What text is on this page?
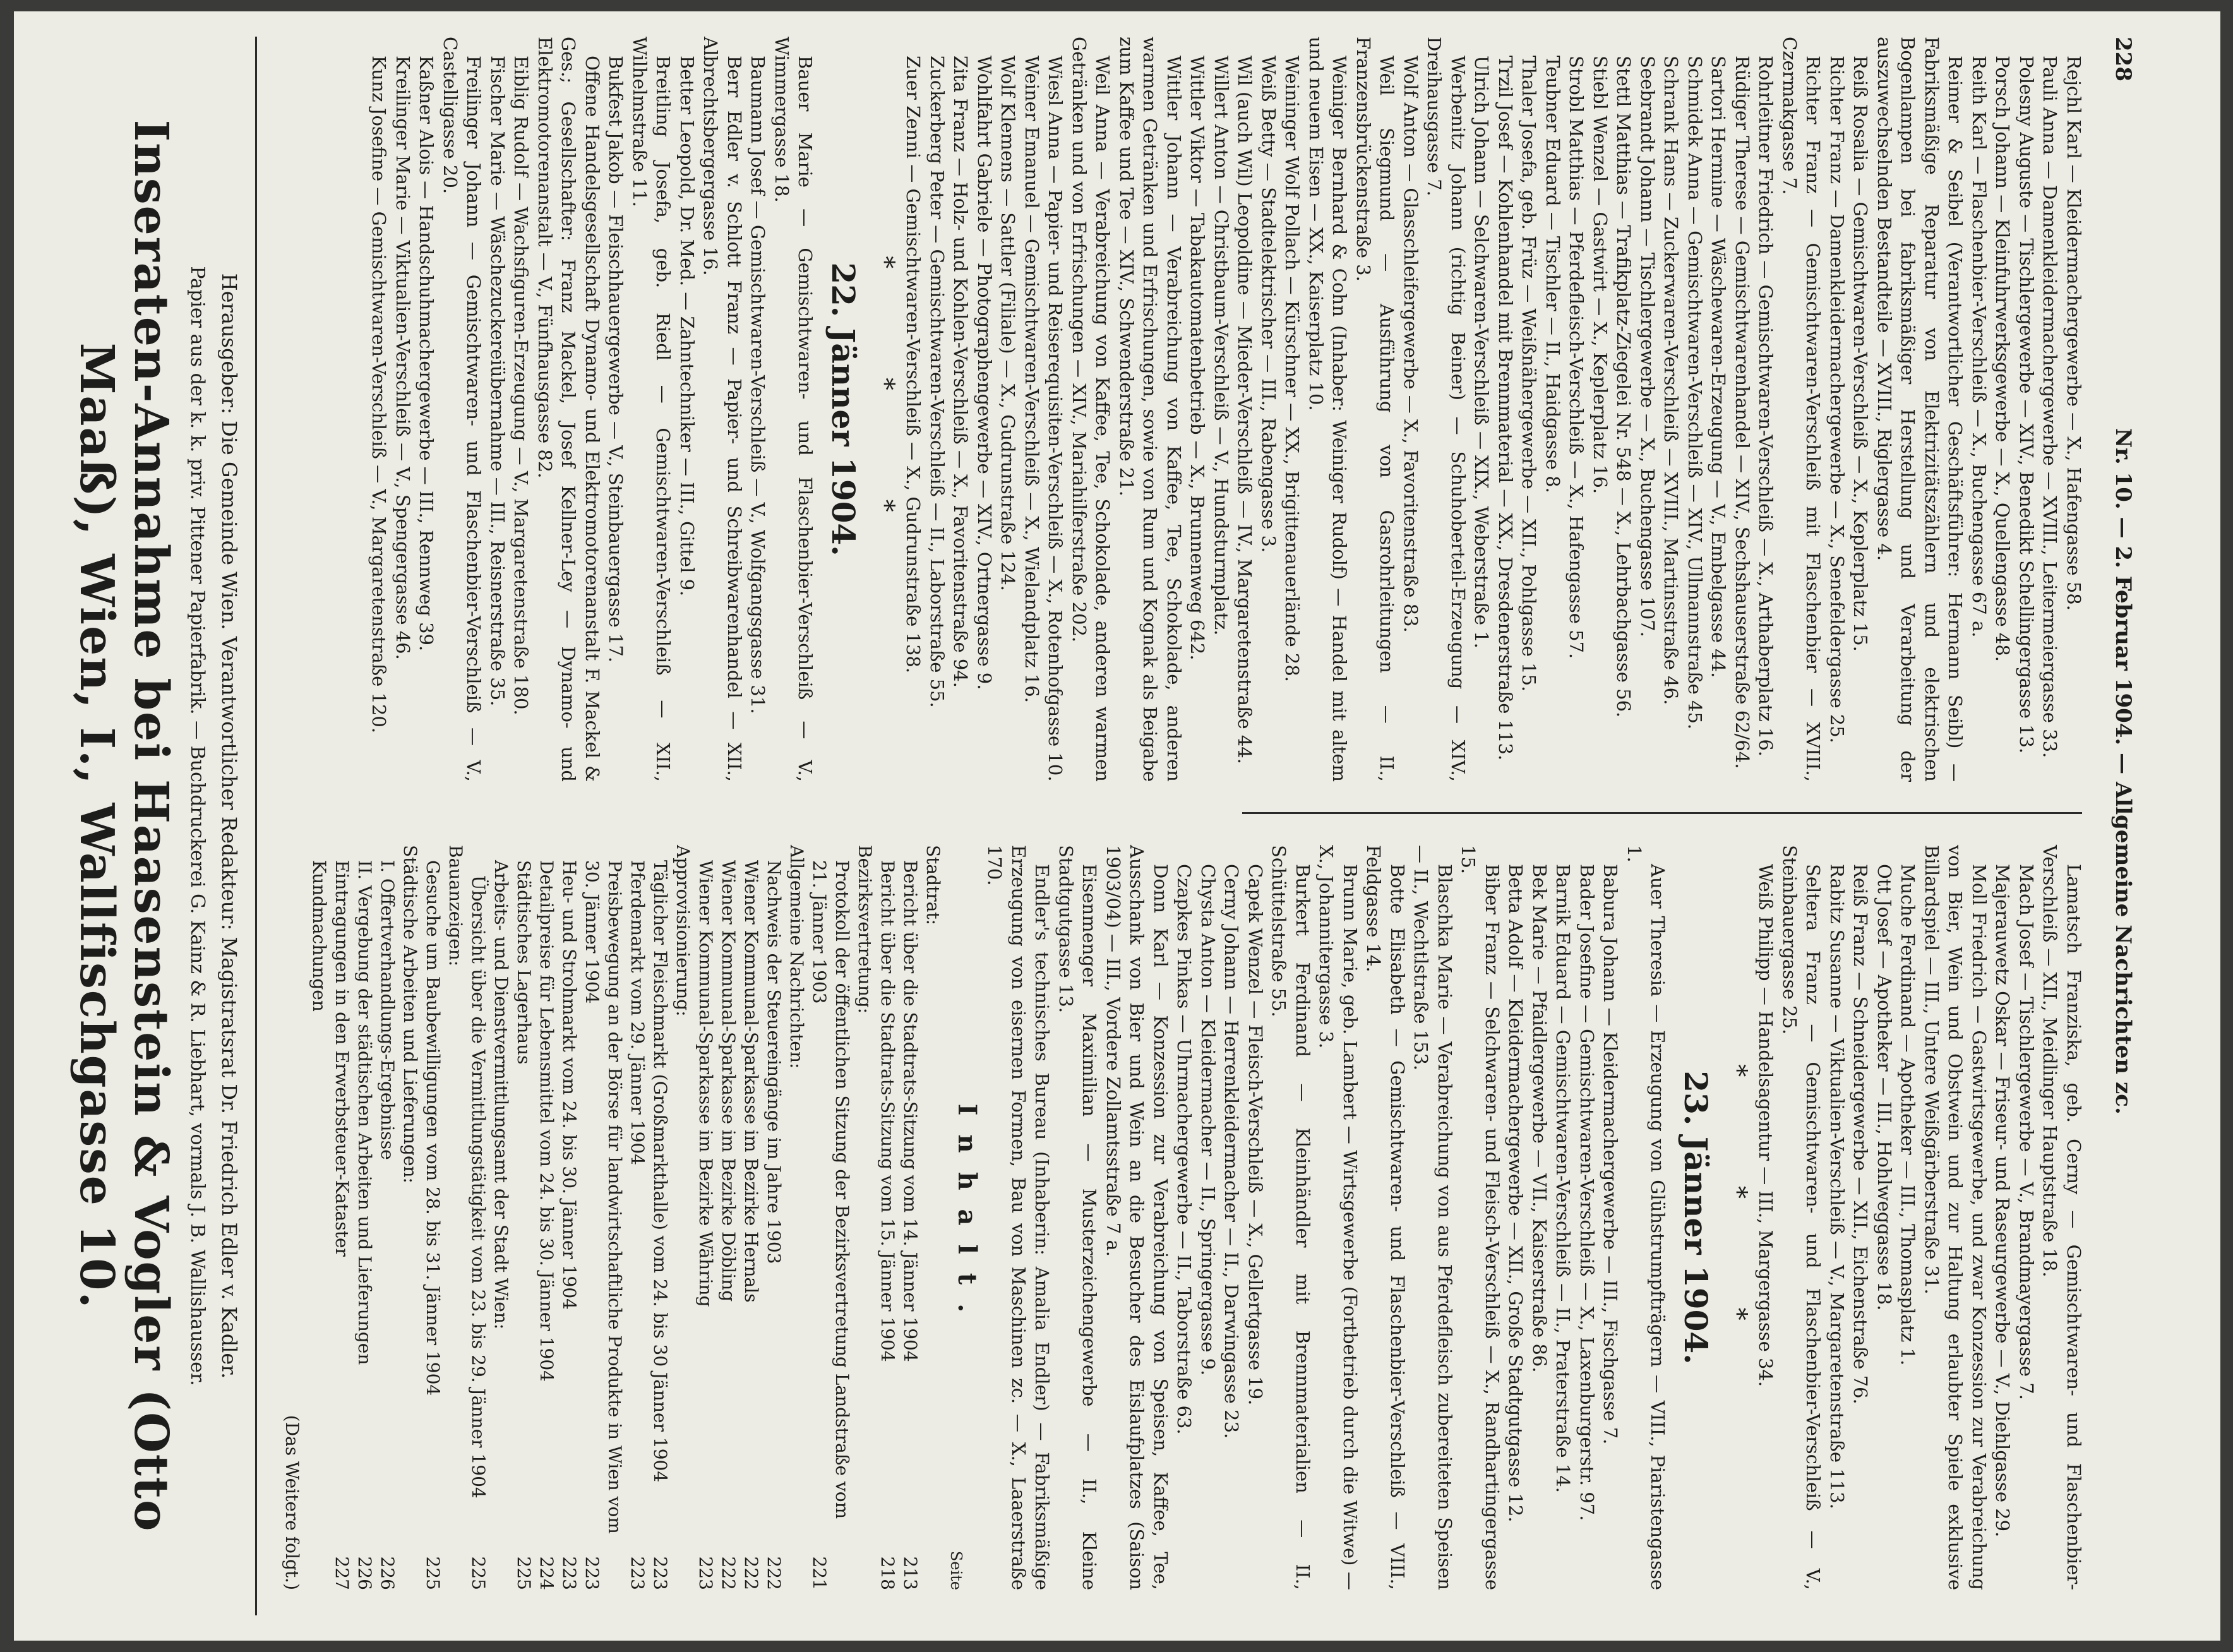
228
Nr. 10. — 2. Februar 1904. — Allgemeine Nachrichten zc.

Rejchl Karl — Kleidermachergewerbe — X., Hafengasse 58.

Pauli Anna — Damenkleidermachergewerbe — XVIII., Leitermeiergasse 33.

Polesny Auguste — Tischlergewerbe — XIV., Benedikt Schellingergasse 13.

Porsch Johann — Kleinfuhrwerksgewerbe — X., Quellengasse 48.

Reith Karl — Flaschenbier-Verschleiß — X., Buchengasse 67 a.

Reimer & Seibel (Verantwortlicher Geschäftsführer: Hermann Seibl) — Fabriksmäßige Reparatur von Elektrizitätszählern und elektrischen Bogenlampen bei fabriksmäßiger Herstellung und Verarbeitung der auszuwechselnden Bestandteile — XVIII., Riglergasse 4.

Reiß Rosalia — Gemischtwaren-Verschleiß — X., Keplerplatz 15.

Richter Franz — Damenkleidermachergewerbe — X., Senefeldergasse 25.

Richter Franz — Gemischtwaren-Verschleiß mit Flaschenbier — XVIII., Czermakgasse 7.

Rohrleitner Friedrich — Gemischtwaren-Verschleiß — X., Arthaberplatz 16.

Rüdiger Therese — Gemischtwarenhandel — XIV., Sechshauserstraße 62/64.

Sartori Hermine — Wäschewaren-Erzeugung — V., Embelgasse 44.

Schmidek Anna — Gemischtwaren-Verschleiß — XIV., Ullmannstraße 45.

Schrank Hans — Zuckerwaren-Verschleiß — XVIII., Martinsstraße 46.

Seebrandt Johann — Tischlergewerbe — X., Buchengasse 107.

Stettl Matthias — Trafikplatz-Ziegelei Nr. 548 — X., Lehrbachgasse 56.

Stiebl Wenzel — Gastwirt — X., Keplerplatz 16.

Strobl Matthias — Pferdefleisch-Verschleiß — X., Hafengasse 57.

Teubner Eduard — Tischler — II., Haidgasse 8.

Thaler Josefa, geb. Früz — Weißnähergewerbe — XII., Pohlgasse 15.

Trzil Josef — Kohlenhandel mit Brennmaterial — XX., Dresdenerstraße 113.

Ulrich Johann — Selchwaren-Verschleiß — XIX., Weberstraße 1.

Werbenitz Johann (richtig Beiner) — Schuhoberteil-Erzeugung — XIV., Dreihausgasse 7.

Wolf Anton — Glasschleifergewerbe — X., Favoritenstraße 83.

Weil Siegmund — Ausführung von Gasrohrleitungen — II., Franzensbrückenstraße 3.

Weiniger Bernhard & Cohn (Inhaber: Weiniger Rudolf) — Handel mit altem und neuem Eisen — XX., Kaiserplatz 10.

Weininger Wolf Pollach — Kürschner — XX., Brigittenauerlände 28.

Weiß Betty — Stadtelektrischer — III., Rabengasse 3.

Wil (auch Wil) Leopoldine — Mieder-Verschleiß — IV., Margaretenstraße 44.

Willert Anton — Christbaum-Verschleiß — V., Hundsturmplatz.

Wittler Viktor — Tabakautomatenbetrieb — X., Brunnenweg 642.

Wittler Johann — Verabreichung von Kaffee, Tee, Schokolade, anderen warmen Getränken und Erfrischungen, sowie von Rum und Kognak als Beigabe zum Kaffee und Tee — XIV., Schwenderstraße 21.

Weil Anna — Verabreichung von Kaffee, Tee, Schokolade, anderen warmen Getränken und von Erfrischungen — XIV., Mariahilferstraße 202.

Wiesl Anna — Papier- und Reiserequisiten-Verschleiß — X., Rotenhofgasse 10.

Weiner Emanuel — Gemischtwaren-Verschleiß — X., Wielandplatz 16.

Wolf Klemens — Sattler (Filiale) — X., Gudrunstraße 124.

Wohlfahrt Gabriele — Photographengewerbe — XIV., Ortnergasse 9.

Zita Franz — Holz- und Kohlen-Verschleiß — X., Favoritenstraße 94.

Zuckerberg Peter — Gemischtwaren-Verschleiß — II., Laborstraße 55.

Zuer Zenni — Gemischtwaren-Verschleiß — X., Gudrunstraße 138.

* * *
22. Jänner 1904.

Bauer Marie — Gemischtwaren- und Flaschenbier-Verschleiß — V., Wimmergasse 18.

Baumann Josef — Gemischtwaren-Verschleiß — V., Wolfgangsgasse 31.

Berr Edler v. Schlott Franz — Papier- und Schreibwarenhandel — XII., Albrechtsbergergasse 16.

Better Leopold, Dr. Med. — Zahntechniker — III., Gittel 9.

Breitling Josefa, geb. Riedl — Gemischtwaren-Verschleiß — XII., Wilhelmstraße 11.

Bukfest Jakob — Fleischhauergewerbe — V., Steinbauergasse 17.

Offene Handelsgesellschaft Dynamo- und Elektromotorenanstalt F. Mackel & Ges.; Gesellschafter: Franz Mackel, Josef Kellner-Ley — Dynamo- und Elektromotorenanstalt — V., Fünfhausgasse 82.

Eiblig Rudolf — Wachsfiguren-Erzeugung — V., Margaretenstraße 180.

Fischer Marie — Wäschezuckereiübernahme — III., Reisnerstraße 35.

Freilinger Johann — Gemischtwaren- und Flaschenbier-Verschleiß — V., Castelligasse 20.

Kaßner Alois — Handschuhmachergewerbe — III., Rennweg 39.

Kreilinger Marie — Viktualien-Verschleiß — V., Spengergasse 46.

Kunz Josefine — Gemischtwaren-Verschleiß — V., Margaretenstraße 120.

Lamatsch Franziska, geb. Cerny — Gemischtwaren- und Flaschenbier-Verschleiß — XII., Meidlinger Hauptstraße 18.

Mach Josef — Tischlergewerbe — V., Brandmayergasse 7.

Majerauwetz Oskar — Friseur- und Raseurgewerbe — V., Diehlgasse 29.

Moll Friedrich — Gastwirtsgewerbe, und zwar Konzession zur Verabreichung von Bier, Wein und Obstwein und zur Haltung erlaubter Spiele exklusive Billardspiel — III., Untere Weißgärberstraße 31.

Muche Ferdinand — Apotheker — III., Thomasplatz 1.

Ott Josef — Apotheker — III., Hohlweggasse 18.

Reiß Franz — Schneidergewerbe — XII., Eichenstraße 76.

Rabitz Susanne — Viktualien-Verschleiß — V., Margaretenstraße 113.

Seltera Franz — Gemischtwaren- und Flaschenbier-Verschleiß — V., Steinbauergasse 25.

Weiß Philipp — Handelsagentur — III., Margergasse 34.

* * *
23. Jänner 1904.

Auer Theresia — Erzeugung von Glühstrumpfträgern — VIII., Piaristengasse 1.

Babura Johann — Kleidermachergewerbe — III., Fischgasse 7.

Bader Josefine — Gemischtwaren-Verschleiß — X., Laxenburgerstr. 97.

Barnik Eduard — Gemischtwaren-Verschleiß — II., Praterstraße 14.

Bek Marie — Pfaidlergewerbe — VII., Kaiserstraße 86.

Betta Adolf — Kleidermachergewerbe — XII., Große Stadtgutgasse 12.

Biber Franz — Selchwaren- und Fleisch-Verschleiß — X., Randhartingergasse 15.

Blaschka Marie — Verabreichung von aus Pferdefleisch zubereiteten Speisen — II., Wechtlstraße 153.

Botte Elisabeth — Gemischtwaren- und Flaschenbier-Verschleiß — VIII., Feldgasse 14.

Brunn Marie, geb. Lambert — Wirtsgewerbe (Fortbetrieb durch die Witwe) — X., Johannitergasse 3.

Burkert Ferdinand — Kleinhändler mit Brennmaterialien — II., Schüttelstraße 55.

Capek Wenzel — Fleisch-Verschleiß — X., Gellertgasse 19.

Cerny Johann — Herrenkleidermacher — II., Darwingasse 23.

Chysta Anton — Kleidermacher — II., Springergasse 9.

Czapkes Pinkas — Uhrmachergewerbe — II., Taborstraße 63.

Donn Karl — Konzession zur Verabreichung von Speisen, Kaffee, Tee, Ausschank von Bier und Wein an die Besucher des Eislaufplatzes (Saison 1903/04) — III., Vordere Zollamtsstraße 7 a.

Eisenmenger Maximilian — Musterzeichengewerbe — II., Kleine Stadtgutgasse 13.

Endler's technisches Bureau (Inhaberin: Amalia Endler) — Fabriksmäßige Erzeugung von eisernen Formen, Bau von Maschinen zc. — X., Laaerstraße 170.

Inhalt.
Seite
Stadtrat:	
Bericht über die Stadtrats-Sitzung vom 14. Jänner 1904	213
Bericht über die Stadtrats-Sitzung vom 15. Jänner 1904	218
Bezirksvertretung:	
Protokoll der öffentlichen Sitzung der Bezirksvertretung Landstraße vom 21. Jänner 1903	221
Allgemeine Nachrichten:	
Nachweis der Steuereingänge im Jahre 1903	222
Wiener Kommunal-Sparkasse im Bezirke Hernals	222
Wiener Kommunal-Sparkasse im Bezirke Döbling	222
Wiener Kommunal-Sparkasse im Bezirke Währing	223
Approvisionierung:	
Täglicher Fleischmarkt (Großmarkthalle) vom 24. bis 30 Jänner 1904	223
Pferdemarkt vom 29. Jänner 1904	223
Preisbewegung an der Börse für landwirtschaftliche Produkte in Wien vom 30. Jänner 1904	223
Heu- und Strohmarkt vom 24. bis 30. Jänner 1904	223
Detailpreise für Lebensmittel vom 24. bis 30. Jänner 1904	224
Städtisches Lagerhaus	225
Arbeits- und Dienstvermittlungsamt der Stadt Wien:	
Übersicht über die Vermittlungstätigkeit vom 23. bis 29. Jänner 1904	225
Bauanzeigen:	
Gesuche um Baubewilligungen vom 28. bis 31. Jänner 1904	225
Städtische Arbeiten und Lieferungen:	
I. Offertverhandlungs-Ergebnisse	226
II. Vergebung der städtischen Arbeiten und Lieferungen	226
Eintragungen in den Erwerbsteuer-Kataster	227
Kundmachungen	
(Das Weitere folgt.)
Herausgeber: Die Gemeinde Wien. Verantwortlicher Redakteur: Magistratsrat Dr. Friedrich Edler v. Kadler.
Papier aus der k. k. priv. Pittener Papierfabrik. — Buchdruckerei G. Kainz & R. Liebhart, vormals J. B. Wallishausser.
Inseraten-Annahme bei Haasenstein & Vogler (Otto Maaß), Wien, I., Wallfischgasse 10.
